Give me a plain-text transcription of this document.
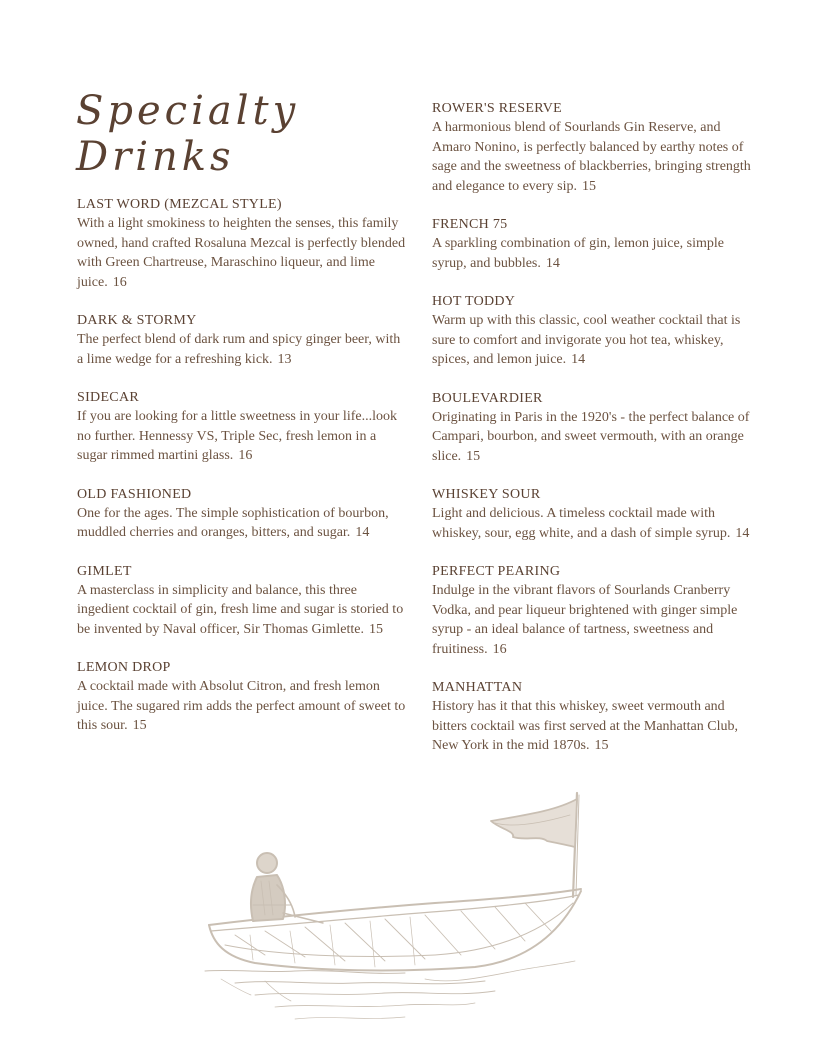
Specialty
Drinks
LAST WORD (MEZCAL STYLE)
With a light smokiness to heighten the senses, this family owned, hand crafted Rosaluna Mezcal is perfectly blended with Green Chartreuse, Maraschino liqueur, and lime juice. 16
DARK & STORMY
The perfect blend of dark rum and spicy ginger beer, with a lime wedge for a refreshing kick. 13
SIDECAR
If you are looking for a little sweetness in your life...look no further. Hennessy VS, Triple Sec, fresh lemon in a sugar rimmed martini glass. 16
OLD FASHIONED
One for the ages. The simple sophistication of bourbon, muddled cherries and oranges, bitters, and sugar. 14
GIMLET
A masterclass in simplicity and balance, this three ingedient cocktail of gin, fresh lime and sugar is storied to be invented by Naval officer, Sir Thomas Gimlette. 15
LEMON DROP
A cocktail made with Absolut Citron, and fresh lemon juice. The sugared rim adds the perfect amount of sweet to this sour. 15
ROWER'S RESERVE
A harmonious blend of Sourlands Gin Reserve, and Amaro Nonino, is perfectly balanced by earthy notes of sage and the sweetness of blackberries, bringing strength and elegance to every sip. 15
FRENCH 75
A sparkling combination of gin, lemon juice, simple syrup, and bubbles. 14
HOT TODDY
Warm up with this classic, cool weather cocktail that is sure to comfort and invigorate you hot tea, whiskey, spices, and lemon juice. 14
BOULEVARDIER
Originating in Paris in the 1920's - the perfect balance of Campari, bourbon, and sweet vermouth, with an orange slice. 15
WHISKEY SOUR
Light and delicious. A timeless cocktail made with whiskey, sour, egg white, and a dash of simple syrup. 14
PERFECT PEARING
Indulge in the vibrant flavors of Sourlands Cranberry Vodka, and pear liqueur brightened with ginger simple syrup - an ideal balance of tartness, sweetness and fruitiness. 16
MANHATTAN
History has it that this whiskey, sweet vermouth and bitters cocktail was first served at the Manhattan Club, New York in the mid 1870s. 15
